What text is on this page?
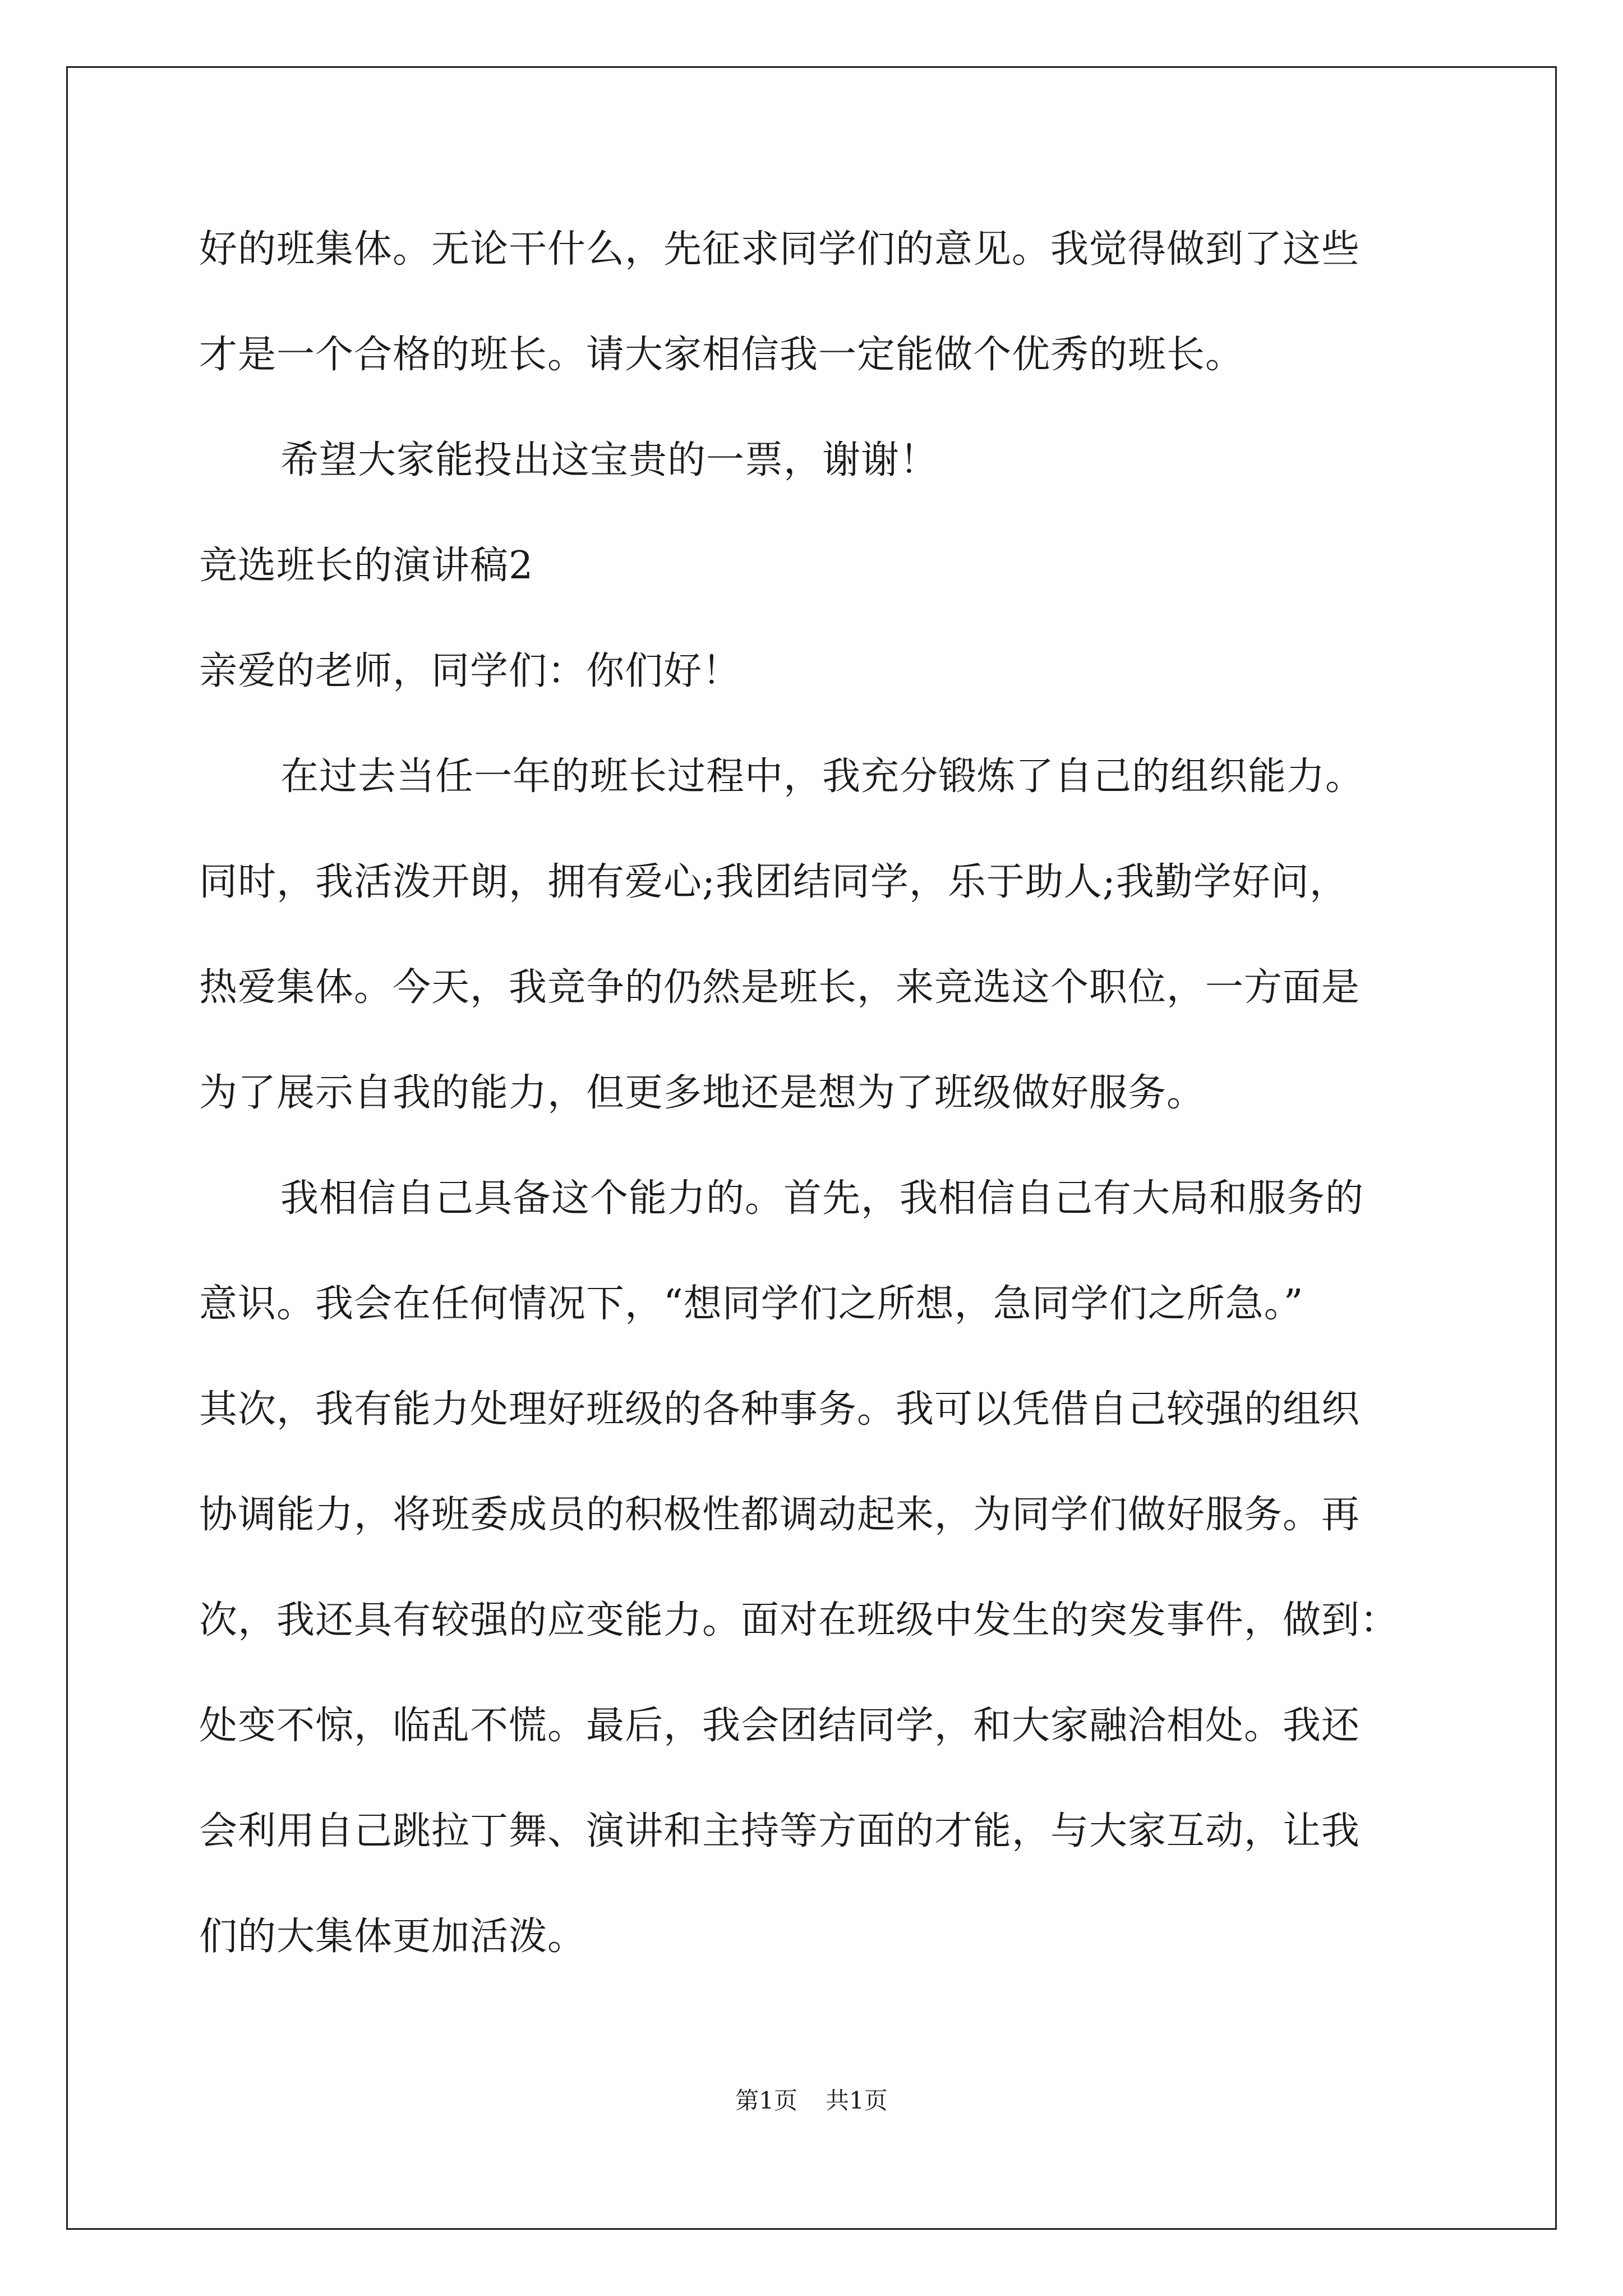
好的班集体。无论干什么，先征求同学们的意见。我觉得做到了这些
才是一个合格的班长。请大家相信我一定能做个优秀的班长。
希望大家能投出这宝贵的一票，谢谢！
竞选班长的演讲稿2
亲爱的老师，同学们：你们好！
在过去当任一年的班长过程中，我充分锻炼了自己的组织能力。
同时，我活泼开朗，拥有爱心;我团结同学，乐于助人;我勤学好问，
热爱集体。今天，我竞争的仍然是班长，来竞选这个职位，一方面是
为了展示自我的能力，但更多地还是想为了班级做好服务。
我相信自己具备这个能力的。首先，我相信自己有大局和服务的
意识。我会在任何情况下，“想同学们之所想，急同学们之所急。”
其次，我有能力处理好班级的各种事务。我可以凭借自己较强的组织
协调能力，将班委成员的积极性都调动起来，为同学们做好服务。再
次，我还具有较强的应变能力。面对在班级中发生的突发事件，做到：
处变不惊，临乱不慌。最后，我会团结同学，和大家融洽相处。我还
会利用自己跳拉丁舞、演讲和主持等方面的才能，与大家互动，让我
们的大集体更加活泼。
第1页 共1页
